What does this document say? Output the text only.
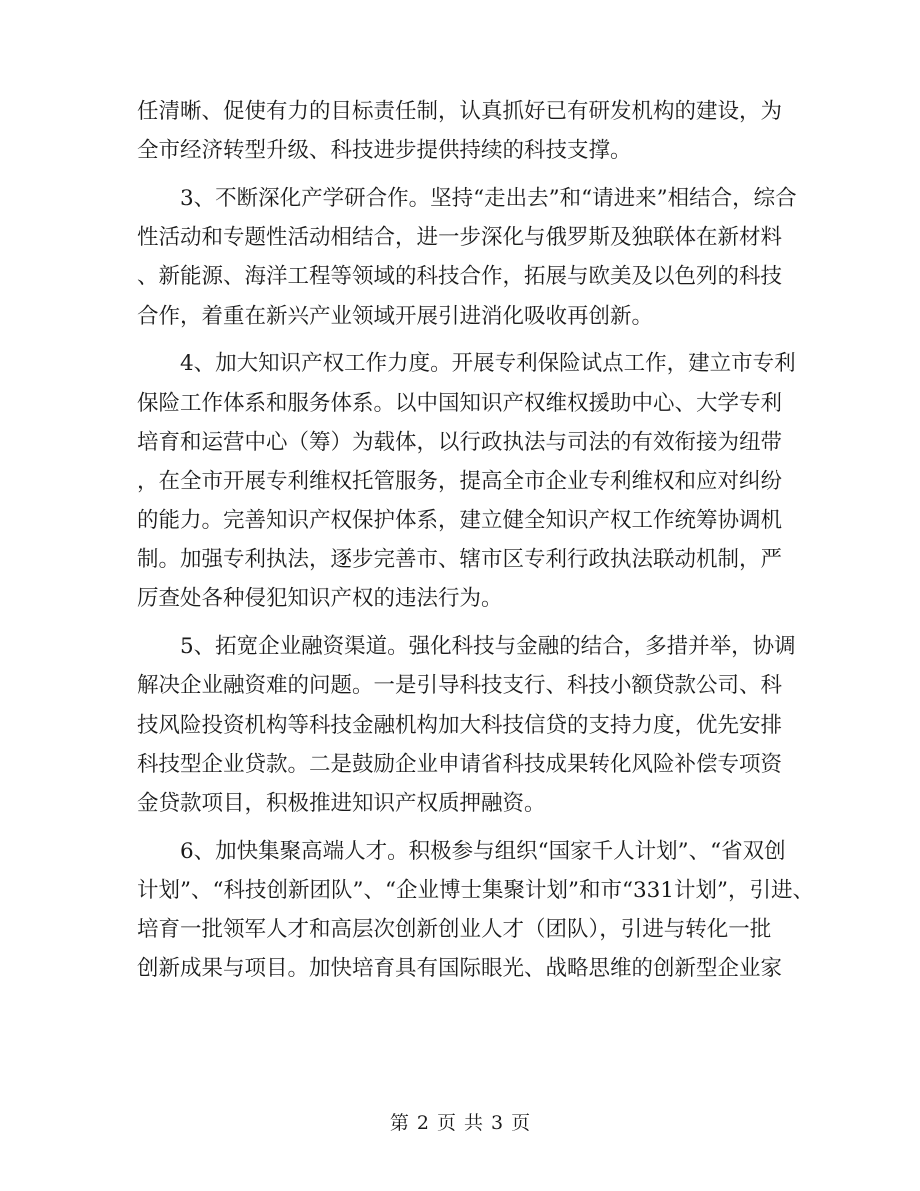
任清晰、促使有力的目标责任制，认真抓好已有研发机构的建设，为
全市经济转型升级、科技进步提供持续的科技支撑。
3、不断深化产学研合作。坚持“走出去”和“请进来”相结合，综合
性活动和专题性活动相结合，进一步深化与俄罗斯及独联体在新材料
、新能源、海洋工程等领域的科技合作，拓展与欧美及以色列的科技
合作，着重在新兴产业领域开展引进消化吸收再创新。
4、加大知识产权工作力度。开展专利保险试点工作，建立市专利
保险工作体系和服务体系。以中国知识产权维权援助中心、大学专利
培育和运营中心（筹）为载体，以行政执法与司法的有效衔接为纽带
，在全市开展专利维权托管服务，提高全市企业专利维权和应对纠纷
的能力。完善知识产权保护体系，建立健全知识产权工作统筹协调机
制。加强专利执法，逐步完善市、辖市区专利行政执法联动机制，严
厉查处各种侵犯知识产权的违法行为。
5、拓宽企业融资渠道。强化科技与金融的结合，多措并举，协调
解决企业融资难的问题。一是引导科技支行、科技小额贷款公司、科
技风险投资机构等科技金融机构加大科技信贷的支持力度，优先安排
科技型企业贷款。二是鼓励企业申请省科技成果转化风险补偿专项资
金贷款项目，积极推进知识产权质押融资。
6、加快集聚高端人才。积极参与组织“国家千人计划”、“省双创
计划”、“科技创新团队”、“企业博士集聚计划”和市“331计划”，引进、
培育一批领军人才和高层次创新创业人才（团队），引进与转化一批
创新成果与项目。加快培育具有国际眼光、战略思维的创新型企业家
第 2 页 共 3 页
